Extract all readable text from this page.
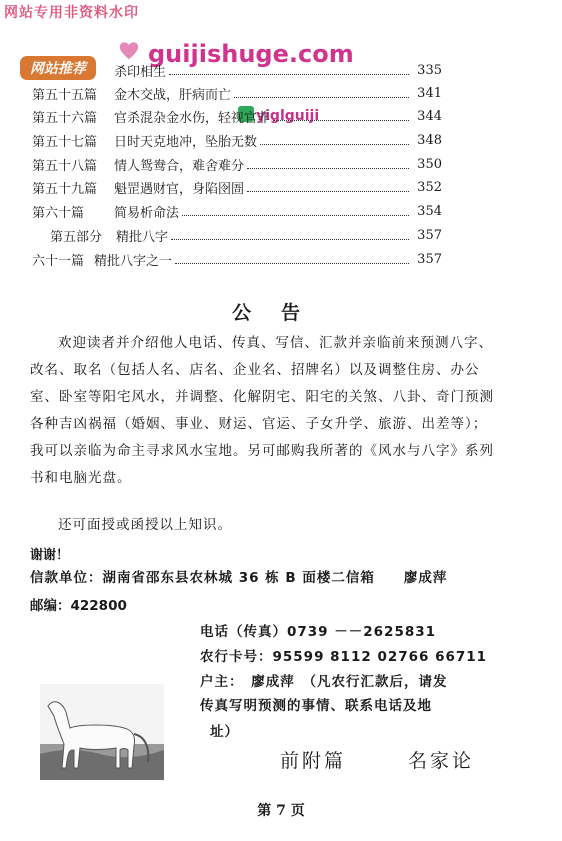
网站专用非资料水印
网站推荐
guijishuge.com
yiglguiji
杀印相生	335
第五十五篇	金木交战，肝病而亡	341
第五十六篇	官杀混杂金水伤，轻视官非	344
第五十七篇	日时天克地冲，坠胎无数	348
第五十八篇	情人鸳鸯合，难舍难分	350
第五十九篇	魁罡遇财官，身陷囹圄	352
第六十篇	简易析命法	354
第五部分	精批八字	357
六十一篇 精批八字之一	357
公告
欢迎读者并介绍他人电话、传真、写信、汇款并亲临前来预测八字、改名、取名（包括人名、店名、企业名、招牌名）以及调整住房、办公室、卧室等阳宅风水，并调整、化解阴宅、阳宅的关煞、八卦、奇门预测各种吉凶祸福（婚姻、事业、财运、官运、子女升学、旅游、出差等）；我可以亲临为命主寻求风水宝地。另可邮购我所著的《风水与八字》系列书和电脑光盘。
还可面授或函授以上知识。
谢谢！
信款单位：湖南省邵东县农林城 36 栋 B 面楼二信箱　　廖成萍
邮编：422800
电话（传真）0739 －－2625831
农行卡号：95599 8112 02766 66711
户主：　廖成萍　（凡农行汇款后，请发
传真写明预测的事情、联系电话及地
址）
前附篇	名家论
第 7 页
